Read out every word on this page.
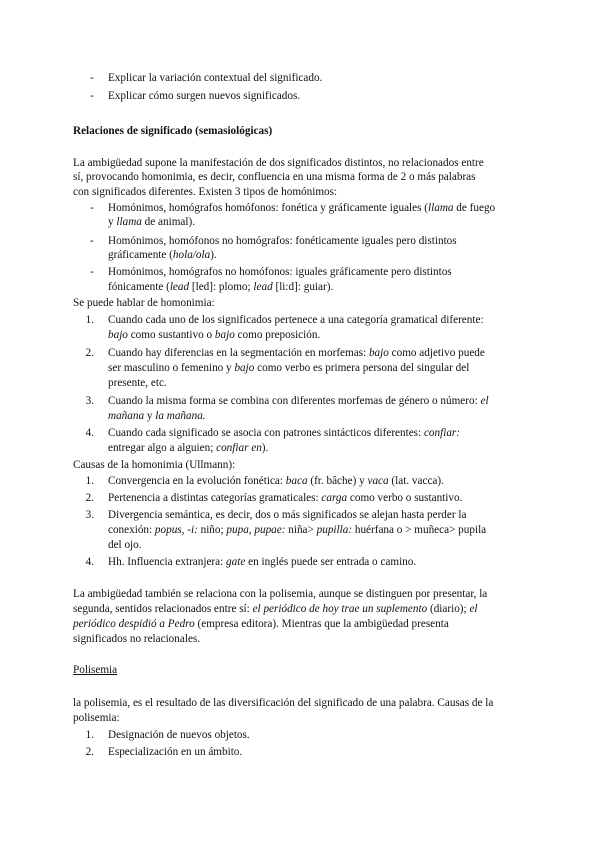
- Explicar la variación contextual del significado.
- Explicar cómo surgen nuevos significados.
Relaciones de significado (semasiológicas)
La ambigüedad supone la manifestación de dos significados distintos, no relacionados entre
sí, provocando homonimia, es decir, confluencia en una misma forma de 2 o más palabras
con significados diferentes. Existen 3 tipos de homónimos:
- Homónimos, homógrafos homófonos: fonética y gráficamente iguales (llama de fuego
y llama de animal).
- Homónimos, homófonos no homógrafos: fonéticamente iguales pero distintos
gráficamente (hola/ola).
- Homónimos, homógrafos no homófonos: iguales gráficamente pero distintos
fónicamente (lead [led]: plomo; lead [li:d]: guiar).
Se puede hablar de homonimia:
1. Cuando cada uno de los significados pertenece a una categoría gramatical diferente:
bajo como sustantivo o bajo como preposición.
2. Cuando hay diferencias en la segmentación en morfemas: bajo como adjetivo puede
ser masculino o femenino y bajo como verbo es primera persona del singular del
presente, etc.
3. Cuando la misma forma se combina con diferentes morfemas de género o número: el
mañana y la mañana.
4. Cuando cada significado se asocia con patrones sintácticos diferentes: confiar:
entregar algo a alguien; confiar en).
Causas de la homonimia (Ullmann):
1. Convergencia en la evolución fonética: baca (fr. bâche) y vaca (lat. vacca).
2. Pertenencia a distintas categorías gramaticales: carga como verbo o sustantivo.
3. Divergencia semántica, es decir, dos o más significados se alejan hasta perder la
conexión: popus, -i: niño; pupa, pupae: niña> pupilla: huérfana o > muñeca> pupila
del ojo.
4. Hh. Influencia extranjera: gate en inglés puede ser entrada o camino.
La ambigüedad también se relaciona con la polisemia, aunque se distinguen por presentar, la
segunda, sentidos relacionados entre sí: el periódico de hoy trae un suplemento (diario); el
periódico despidió a Pedro (empresa editora). Mientras que la ambigüedad presenta
significados no relacionales.
Polisemia
la polisemia, es el resultado de las diversificación del significado de una palabra. Causas de la
polisemia:
1. Designación de nuevos objetos.
2. Especialización en un ámbito.
